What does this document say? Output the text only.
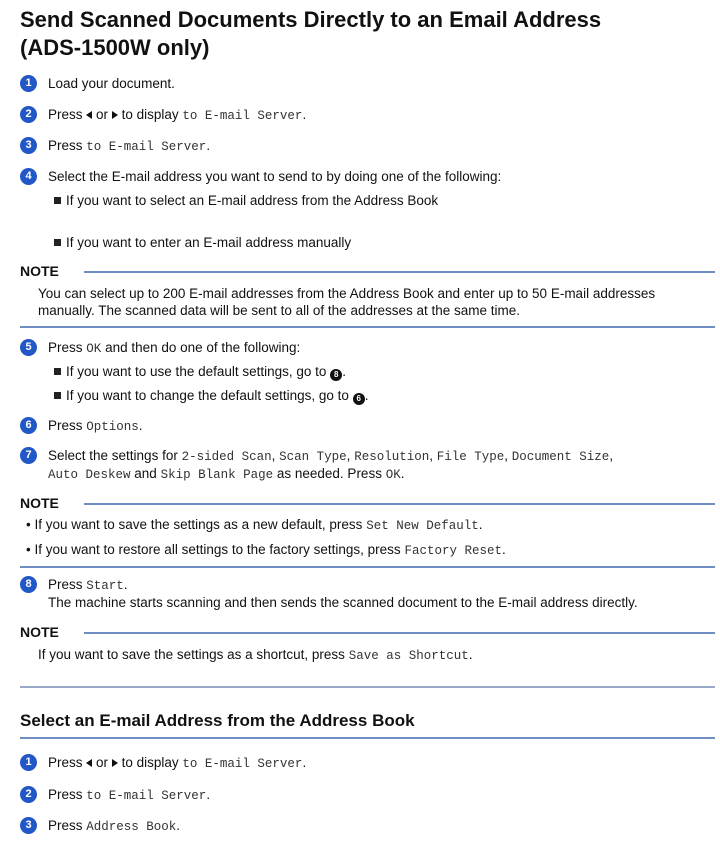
Send Scanned Documents Directly to an Email Address
(ADS-1500W only)
1	Load your document.
2	Press or to display to E-mail Server.
3	Press to E-mail Server.
4	Select the E-mail address you want to send to by doing one of the following:
If you want to select an E-mail address from the Address Book
If you want to enter an E-mail address manually
NOTE
You can select up to 200 E-mail addresses from the Address Book and enter up to 50 E-mail addresses
manually. The scanned data will be sent to all of the addresses at the same time.
5	Press OK and then do one of the following:
If you want to use the default settings, go to 8 .
If you want to change the default settings, go to 6 .
6	Press Options.
7	Select the settings for 2-sided Scan, Scan Type, Resolution, File Type, Document Size,
Auto Deskew and Skip Blank Page as needed. Press OK.
NOTE
• If you want to save the settings as a new default, press Set New Default.
• If you want to restore all settings to the factory settings, press Factory Reset.
8	Press Start.
The machine starts scanning and then sends the scanned document to the E-mail address directly.
NOTE
If you want to save the settings as a shortcut, press Save as Shortcut.
Select an E-mail Address from the Address Book
1	Press or to display to E-mail Server.
2	Press to E-mail Server.
3	Press Address Book.
